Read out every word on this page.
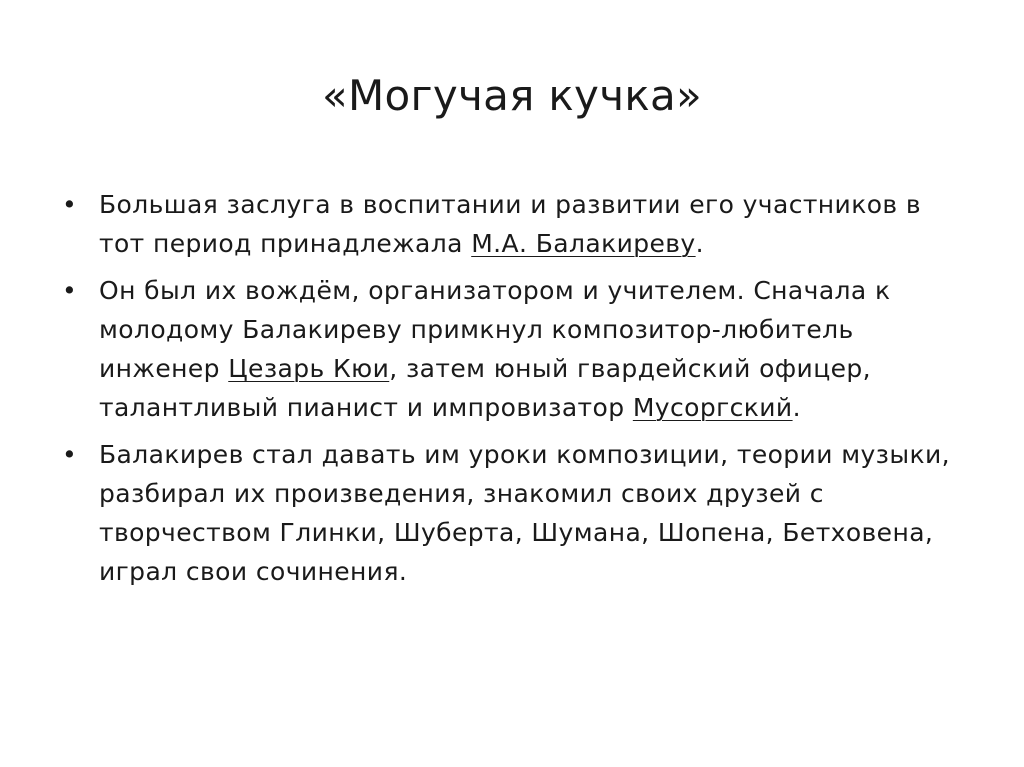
«Могучая кучка»
• Большая заслуга в воспитании и развитии его участников в тот период принадлежала М.А. Балакиреву.
• Он был их вождём, организатором и учителем. Сначала к молодому Балакиреву примкнул композитор-любитель инженер Цезарь Кюи, затем юный гвардейский офицер, талантливый пианист и импровизатор Мусоргский.
• Балакирев стал давать им уроки композиции, теории музыки, разбирал их произведения, знакомил своих друзей с творчеством Глинки, Шуберта, Шумана, Шопена, Бетховена, играл свои сочинения.
